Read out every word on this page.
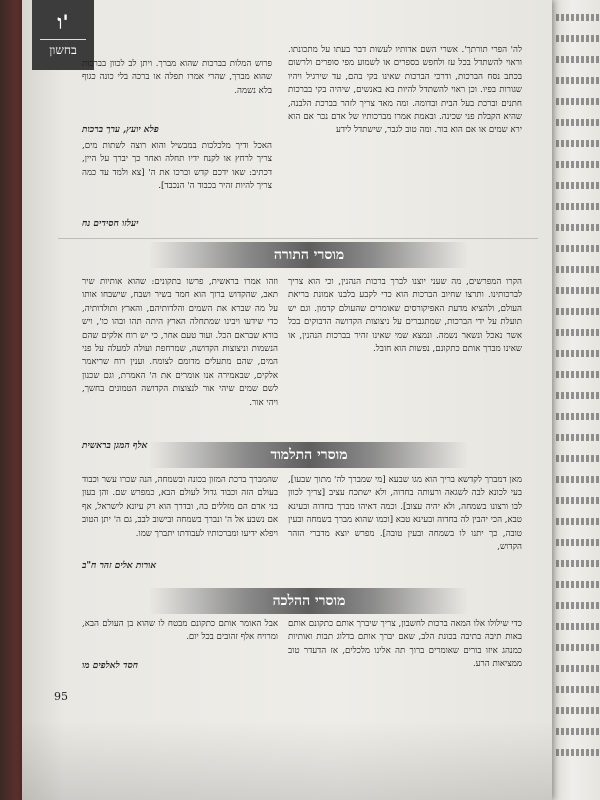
ו'
בחשון	לה' הפרי תורתך'. אשרי השם אדותיו לעשות דבר בעתו על מתכונתו. וראוי להשתדל בכל עז ולחפש בספרים או לשמוע מפי סופרים ולרשום בכתב נסח הברכות, ודרכי הברכות שאינו בקי בהם, עד שירגיל ויהיו שגורות בפיו. וכן ראוי להשתדל להיות בא באנשים, שיהיה בקי בברכות חתנים וברכת בעל הבית ובדומה. ומה מאד צריך לזהר בברכת הלבנה, שהיא הקבלת פני שכינה. ובאמת אמרו מברכותיו של אדם נכר אם הוא ירא שמים או אם הוא בור. ומה טוב לגבר, שישתדל לידע

פרוש המלות בברכות שהוא מברך. ויתן לב לכוון בברכות שהוא מברך, שהרי אמרו תפלה או ברכה בלי כונה כגוף בלא נשמה.

פלא יועץ, ערך ברכות

האכל ודיך מלכלכות במבשיל והוא רוצה לשתות מים, צריך לרחץ או לקנח ידיו תחלה ואחר כך יברך על היין, דכתיב: שאו ידכם קדש וברכו את ה' [צא ולמד עד כמה צריך להיות זהיר בכבוד ה' הנכבד].

יעלזו חסידים נח
מוסרי התורה

הקרו המפרשים, מה שעני יוצנו לברך ברכות הנהנין, וכי הוא צריך לברכותינו. ותרצו שחיוב הברכות הוא כדי לקבע בלבנו אמונת בריאת העולם, ולהציא מדעת האפיקורסים שאומרים שהעולם קדמון. וגם יש תועלת על ידי הברכות, שמתגברים על ניצוצות הקדושה הדבוקים בכל אשר נאכל ונשאר נשמה. ונמצא שמי שאינו זהיר בברכות הנהנין, או שאינו מברך אותם כתקונם, נפשות הוא חובל.

וזהו אמרו בראשית, פרשו בתקונים: שהוא אותיות שיר תאב, שהקדוש ברוך הוא חמד בשיר ושבח, שישבחו אותו על מה שברא את השמים והלדותיהם, והארץ ותולדותיה, כדי שידעו ויבינו שמתחלה הארץ היתה תהו ובהו כו', ויש בורא שבראם הכל. ועוד טעם אחר, כי יש רוח אלקים שהם הנשמות וניצוצות הקדושה, שמרחפת ועולה למעלה על פני המים, שהם מתעלים מדומם לצומח. וענין רוח שריאמר אלקים, שבאמירה אנו אומרים את ה' האמרת, וגם שכנון לשם שמים שיהי אור לנצוצות הקדושה הטמונים בחשך, ויהי אור.

אלף המגן בראשית
מוסרי התלמוד

מאן דמברך לקדשא בריך הוא מגו שבעא [מי שמברך לה' מתוך שבעו], בעי לכונא לבה לשגאה ורעותה בחדוה, ולא ישתכח עציב [צריך לכוון לבו ורצונו בשמחה, ולא יהיה עצוב]. וכמה דאיהו מברך בחדוה ובעינא טבא, הכי יהבין לה בחדוה ובעינא טבא [וכמו שהוא מברך בשמחה ובעין טובה, כך יתנו לו בשמחה ובעין טובה]. מפרש יוצא מדברי הזהר הקדוש,

שהמברך ברכת המזון בכונה ובשמחה, הנה שכרו עשר וכבוד בעולם הזה וכבוד גדול לעולם הבא, כמפרש שם. והן בעון בני אדם הם מזללים בה, ובדרך הוא רק עיונא לישראל, אף אם נשבע אל ה' ונברך בשמחה ובישוב לבב, גם ה' יתן הטוב ויפלא ידיעו ומברכותיו לעבודתו יתברך שמו.

אורות אלים זהר ח"ב
מוסרי ההלכה

כדי שילולו אלו המאה ברכות לחשבון, צריך שיברך אותם כתקונם אותם באות תיבה בתיבה בכונת הלב, שאם יברך אותם בדלוג תבות ואותיות כמנהג איזו בורים שאומרים ברוך תה אלינו מלכלים, אז הדעדר טוב ממציאות הרע.

אבל האומר אותם כתקונם מבטח לו שהוא בן העולם הבא, ומרויח אלף זהובים בכל יום.

חסד לאלפים מו
95
